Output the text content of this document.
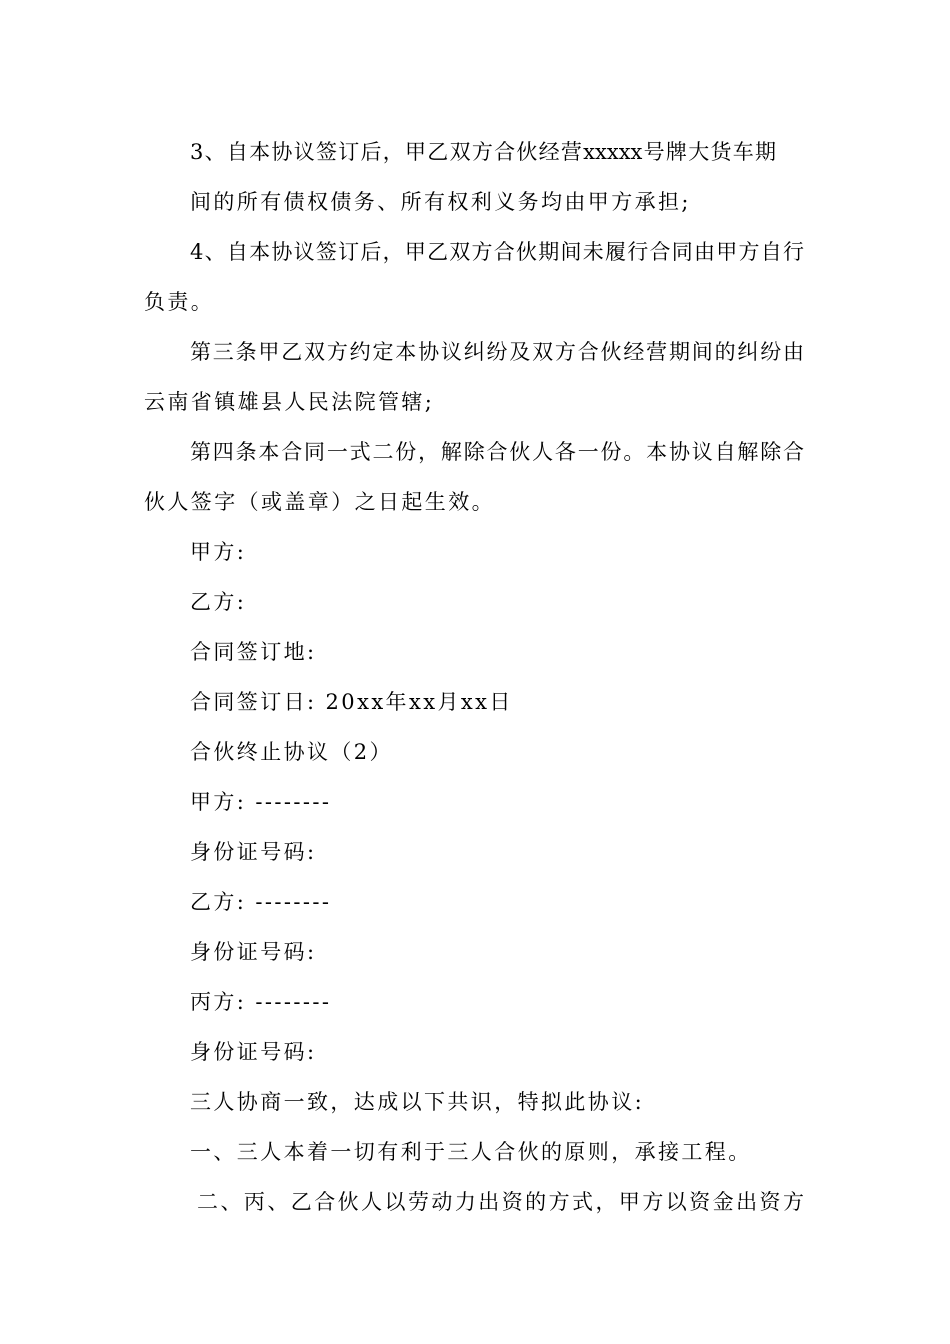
3、自本协议签订后，甲乙双方合伙经营xxxxx号牌大货车期
间的所有债权债务、所有权利义务均由甲方承担;
4、自本协议签订后，甲乙双方合伙期间未履行合同由甲方自行
负责。
第三条甲乙双方约定本协议纠纷及双方合伙经营期间的纠纷由
云南省镇雄县人民法院管辖;
第四条本合同一式二份，解除合伙人各一份。本协议自解除合
伙人签字（或盖章）之日起生效。
甲方:
乙方:
合同签订地:
合同签订日: 20xx年xx月xx日
合伙终止协议（2）
甲方: --------
身份证号码:
乙方: --------
身份证号码:
丙方: --------
身份证号码:
三人协商一致，达成以下共识，特拟此协议:
一、三人本着一切有利于三人合伙的原则，承接工程。
二、丙、乙合伙人以劳动力出资的方式，甲方以资金出资方
